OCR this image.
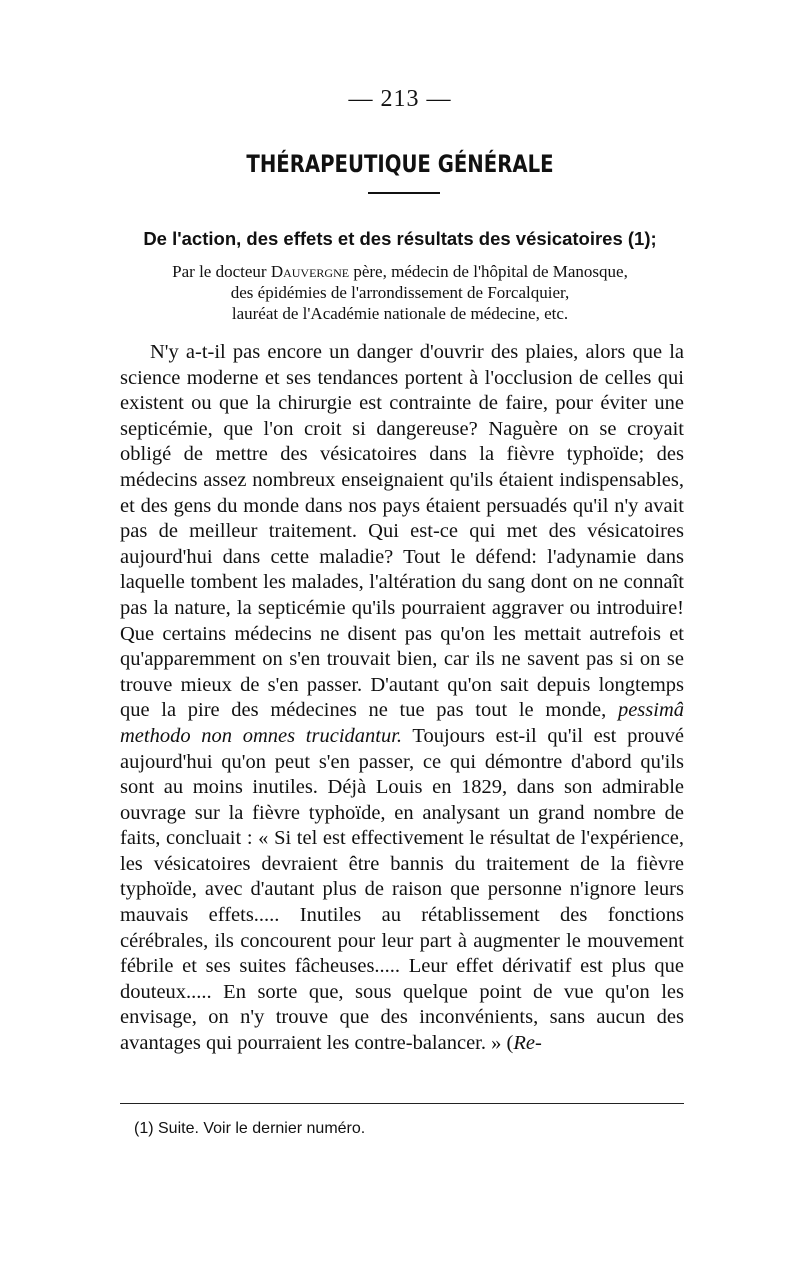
— 213 —
THÉRAPEUTIQUE GÉNÉRALE
De l'action, des effets et des résultats des vésicatoires (1);
Par le docteur Dauvergne père, médecin de l'hôpital de Manosque,
des épidémies de l'arrondissement de Forcalquier,
lauréat de l'Académie nationale de médecine, etc.

N'y a-t-il pas encore un danger d'ouvrir des plaies, alors que la science moderne et ses tendances portent à l'occlusion de celles qui existent ou que la chirurgie est contrainte de faire, pour éviter une septicémie, que l'on croit si dangereuse? Naguère on se croyait obligé de mettre des vésicatoires dans la fièvre typhoïde; des médecins assez nombreux enseignaient qu'ils étaient indispensables, et des gens du monde dans nos pays étaient persuadés qu'il n'y avait pas de meilleur traitement. Qui est-ce qui met des vésicatoires aujourd'hui dans cette maladie? Tout le défend: l'adynamie dans laquelle tombent les malades, l'altération du sang dont on ne connaît pas la nature, la septicémie qu'ils pourraient aggraver ou introduire! Que certains médecins ne disent pas qu'on les mettait autrefois et qu'apparemment on s'en trouvait bien, car ils ne savent pas si on se trouve mieux de s'en passer. D'autant qu'on sait depuis longtemps que la pire des médecines ne tue pas tout le monde, pessimâ methodo non omnes trucidantur. Toujours est-il qu'il est prouvé aujourd'hui qu'on peut s'en passer, ce qui démontre d'abord qu'ils sont au moins inutiles. Déjà Louis en 1829, dans son admirable ouvrage sur la fièvre typhoïde, en analysant un grand nombre de faits, concluait : « Si tel est effectivement le résultat de l'expérience, les vésicatoires devraient être bannis du traitement de la fièvre typhoïde, avec d'autant plus de raison que personne n'ignore leurs mauvais effets..... Inutiles au rétablissement des fonctions cérébrales, ils concourent pour leur part à augmenter le mouvement fébrile et ses suites fâcheuses..... Leur effet dérivatif est plus que douteux..... En sorte que, sous quelque point de vue qu'on les envisage, on n'y trouve que des inconvénients, sans aucun des avantages qui pourraient les contre-balancer. » (Re-

(1) Suite. Voir le dernier numéro.
